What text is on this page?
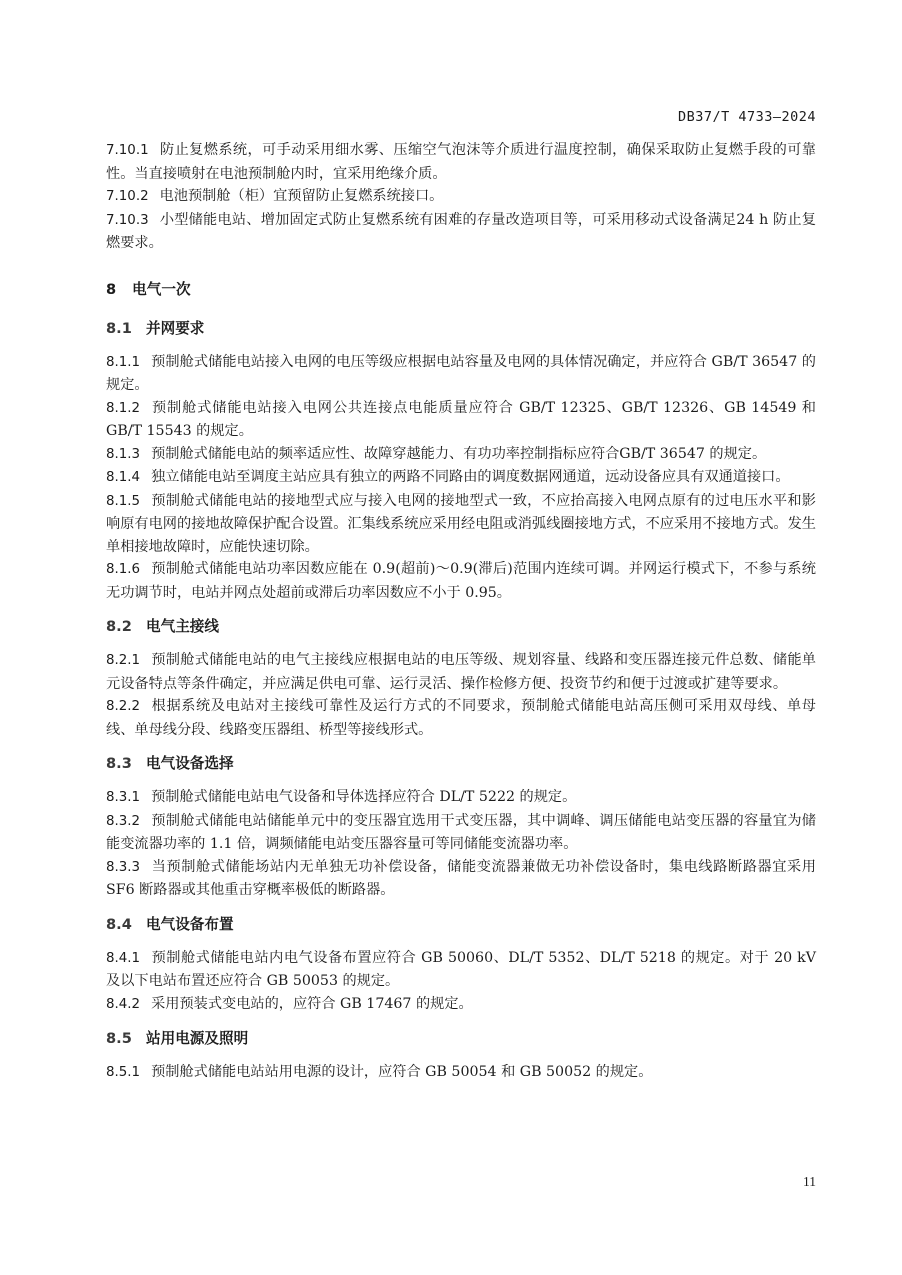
DB37/T 4733—2024

7.10.1 防止复燃系统，可手动采用细水雾、压缩空气泡沫等介质进行温度控制，确保采取防止复燃手段的可靠性。当直接喷射在电池预制舱内时，宜采用绝缘介质。

7.10.2 电池预制舱（柜）宜预留防止复燃系统接口。

7.10.3 小型储能电站、增加固定式防止复燃系统有困难的存量改造项目等，可采用移动式设备满足24 h 防止复燃要求。

8 电气一次
8.1 并网要求

8.1.1 预制舱式储能电站接入电网的电压等级应根据电站容量及电网的具体情况确定，并应符合 GB/T 36547 的规定。

8.1.2 预制舱式储能电站接入电网公共连接点电能质量应符合 GB/T 12325、GB/T 12326、GB 14549 和 GB/T 15543 的规定。

8.1.3 预制舱式储能电站的频率适应性、故障穿越能力、有功功率控制指标应符合GB/T 36547 的规定。

8.1.4 独立储能电站至调度主站应具有独立的两路不同路由的调度数据网通道，远动设备应具有双通道接口。

8.1.5 预制舱式储能电站的接地型式应与接入电网的接地型式一致，不应抬高接入电网点原有的过电压水平和影响原有电网的接地故障保护配合设置。汇集线系统应采用经电阻或消弧线圈接地方式，不应采用不接地方式。发生单相接地故障时，应能快速切除。

8.1.6 预制舱式储能电站功率因数应能在 0.9(超前)～0.9(滞后)范围内连续可调。并网运行模式下，不参与系统无功调节时，电站并网点处超前或滞后功率因数应不小于 0.95。

8.2 电气主接线

8.2.1 预制舱式储能电站的电气主接线应根据电站的电压等级、规划容量、线路和变压器连接元件总数、储能单元设备特点等条件确定，并应满足供电可靠、运行灵活、操作检修方便、投资节约和便于过渡或扩建等要求。

8.2.2 根据系统及电站对主接线可靠性及运行方式的不同要求，预制舱式储能电站高压侧可采用双母线、单母线、单母线分段、线路变压器组、桥型等接线形式。

8.3 电气设备选择

8.3.1 预制舱式储能电站电气设备和导体选择应符合 DL/T 5222 的规定。

8.3.2 预制舱式储能电站储能单元中的变压器宜选用干式变压器，其中调峰、调压储能电站变压器的容量宜为储能变流器功率的 1.1 倍，调频储能电站变压器容量可等同储能变流器功率。

8.3.3 当预制舱式储能场站内无单独无功补偿设备，储能变流器兼做无功补偿设备时，集电线路断路器宜采用 SF6 断路器或其他重击穿概率极低的断路器。

8.4 电气设备布置

8.4.1 预制舱式储能电站内电气设备布置应符合 GB 50060、DL/T 5352、DL/T 5218 的规定。对于 20 kV 及以下电站布置还应符合 GB 50053 的规定。

8.4.2 采用预装式变电站的，应符合 GB 17467 的规定。

8.5 站用电源及照明

8.5.1 预制舱式储能电站站用电源的设计，应符合 GB 50054 和 GB 50052 的规定。

11
